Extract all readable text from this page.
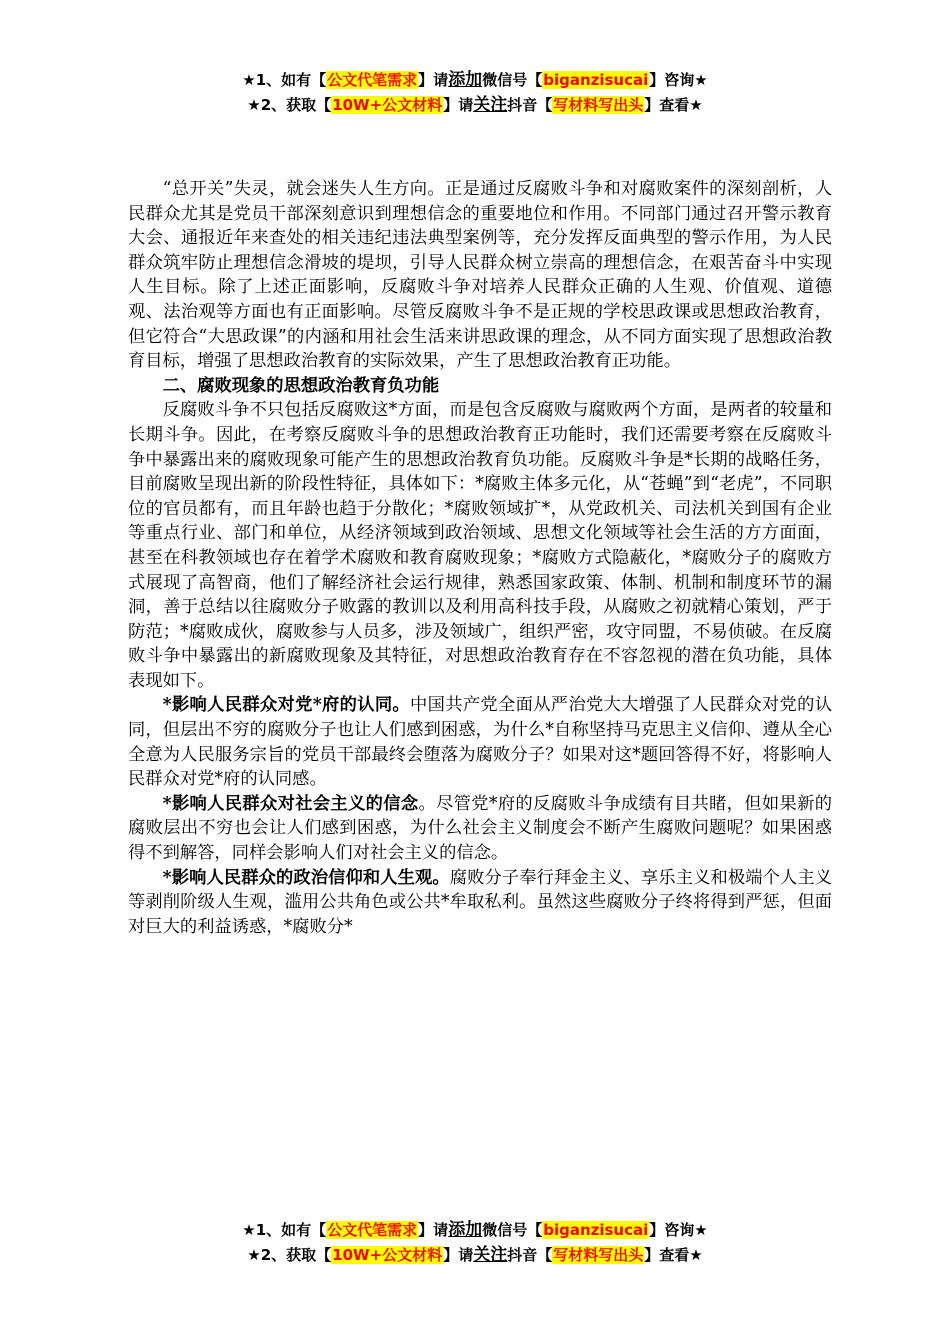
★1、如有【公文代笔需求】请添加微信号【biganzisucai】咨询★
★2、获取【10W+公文材料】请关注抖音【写材料写出头】查看★

“总开关”失灵，就会迷失人生方向。正是通过反腐败斗争和对腐败案件的深刻剖析，人民群众尤其是党员干部深刻意识到理想信念的重要地位和作用。不同部门通过召开警示教育大会、通报近年来查处的相关违纪违法典型案例等，充分发挥反面典型的警示作用，为人民群众筑牢防止理想信念滑坡的堤坝，引导人民群众树立崇高的理想信念，在艰苦奋斗中实现人生目标。除了上述正面影响，反腐败斗争对培养人民群众正确的人生观、价值观、道德观、法治观等方面也有正面影响。尽管反腐败斗争不是正规的学校思政课或思想政治教育，但它符合“大思政课”的内涵和用社会生活来讲思政课的理念，从不同方面实现了思想政治教育目标，增强了思想政治教育的实际效果，产生了思想政治教育正功能。

二、腐败现象的思想政治教育负功能

反腐败斗争不只包括反腐败这*方面，而是包含反腐败与腐败两个方面，是两者的较量和长期斗争。因此，在考察反腐败斗争的思想政治教育正功能时，我们还需要考察在反腐败斗争中暴露出来的腐败现象可能产生的思想政治教育负功能。反腐败斗争是*长期的战略任务，目前腐败呈现出新的阶段性特征，具体如下：*腐败主体多元化，从“苍蝇”到“老虎”，不同职位的官员都有，而且年龄也趋于分散化；*腐败领域扩*，从党政机关、司法机关到国有企业等重点行业、部门和单位，从经济领域到政治领域、思想文化领域等社会生活的方方面面，甚至在科教领域也存在着学术腐败和教育腐败现象；*腐败方式隐蔽化，*腐败分子的腐败方式展现了高智商，他们了解经济社会运行规律，熟悉国家政策、体制、机制和制度环节的漏洞，善于总结以往腐败分子败露的教训以及利用高科技手段，从腐败之初就精心策划，严于防范；*腐败成伙，腐败参与人员多，涉及领域广，组织严密，攻守同盟，不易侦破。在反腐败斗争中暴露出的新腐败现象及其特征，对思想政治教育存在不容忽视的潜在负功能，具体表现如下。

*影响人民群众对党*府的认同。中国共产党全面从严治党大大增强了人民群众对党的认同，但层出不穷的腐败分子也让人们感到困惑，为什么*自称坚持马克思主义信仰、遵从全心全意为人民服务宗旨的党员干部最终会堕落为腐败分子？如果对这*题回答得不好，将影响人民群众对党*府的认同感。

*影响人民群众对社会主义的信念。尽管党*府的反腐败斗争成绩有目共睹，但如果新的腐败层出不穷也会让人们感到困惑，为什么社会主义制度会不断产生腐败问题呢？如果困惑得不到解答，同样会影响人们对社会主义的信念。

*影响人民群众的政治信仰和人生观。腐败分子奉行拜金主义、享乐主义和极端个人主义等剥削阶级人生观，滥用公共角色或公共*牟取私利。虽然这些腐败分子终将得到严惩，但面对巨大的利益诱惑，*腐败分*

★1、如有【公文代笔需求】请添加微信号【biganzisucai】咨询★
★2、获取【10W+公文材料】请关注抖音【写材料写出头】查看★
